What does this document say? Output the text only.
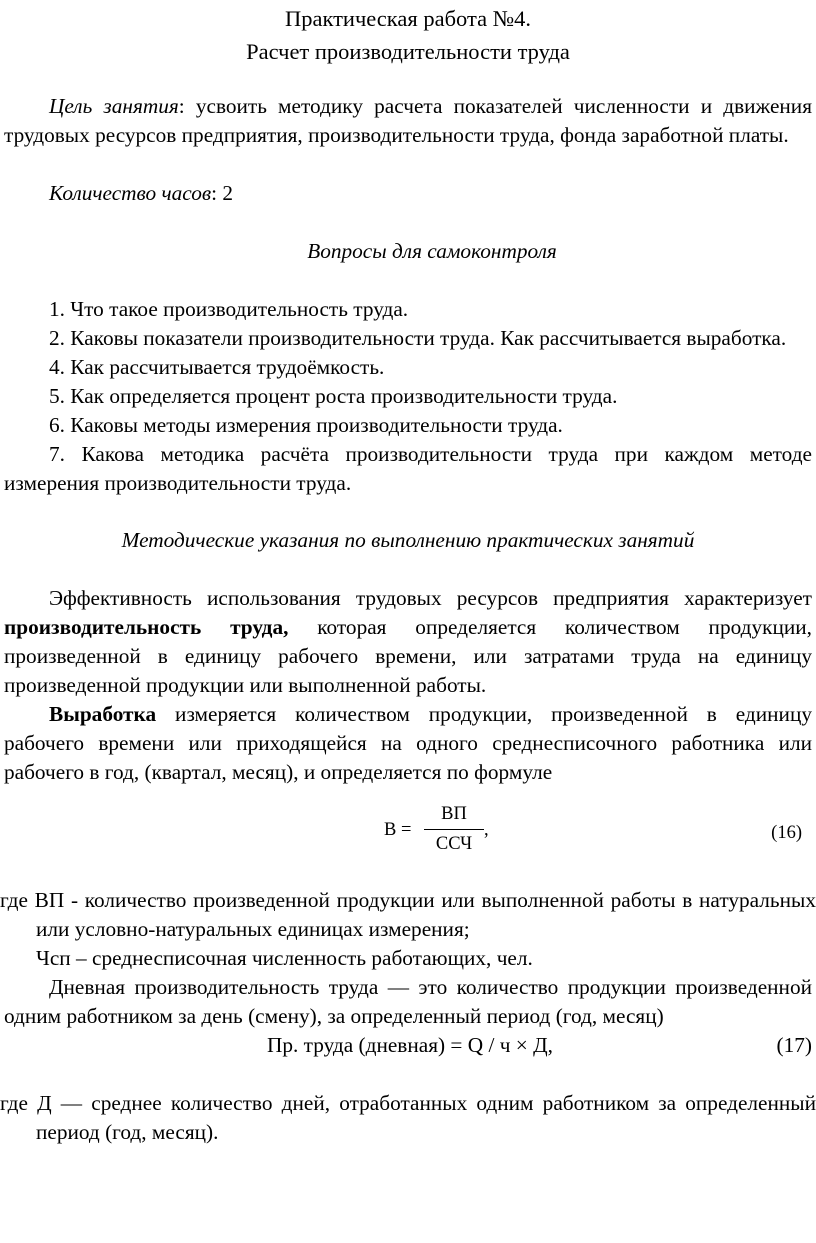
Практическая работа №4.

Расчет производительности труда

Цель занятия: усвоить методику расчета показателей численности и движения трудовых ресурсов предприятия, производительности труда, фонда заработной платы.

Количество часов: 2

Вопросы для самоконтроля

1. Что такое производительность труда.

2. Каковы показатели производительности труда. Как рассчитывается выработка.

4. Как рассчитывается трудоёмкость.

5. Как определяется процент роста производительности труда.

6. Каковы методы измерения производительности труда.

7. Какова методика расчёта производительности труда при каждом методе измерения производительности труда.

Методические указания по выполнению практических занятий

Эффективность использования трудовых ресурсов предприятия характеризует производительность труда, которая определяется количеством продукции, произведенной в единицу рабочего времени, или затратами труда на единицу произведенной продукции или выполненной работы.

Выработка измеряется количеством продукции, произведенной в единицу рабочего времени или приходящейся на одного среднесписочного работника или рабочего в год, (квартал, месяц), и определяется по формуле

В =
ВП
ССЧ
,	(16)

где ВП - количество произведенной продукции или выполненной работы в натуральных или условно-натуральных единицах измерения;

Чсп – среднесписочная численность работающих, чел.

Дневная производительность труда — это количество продукции произведенной одним работником за день (смену), за определенный период (год, месяц)

Пр. труда (дневная) = Q / ч × Д,	(17)

где Д — среднее количество дней, отработанных одним работником за определенный период (год, месяц).
